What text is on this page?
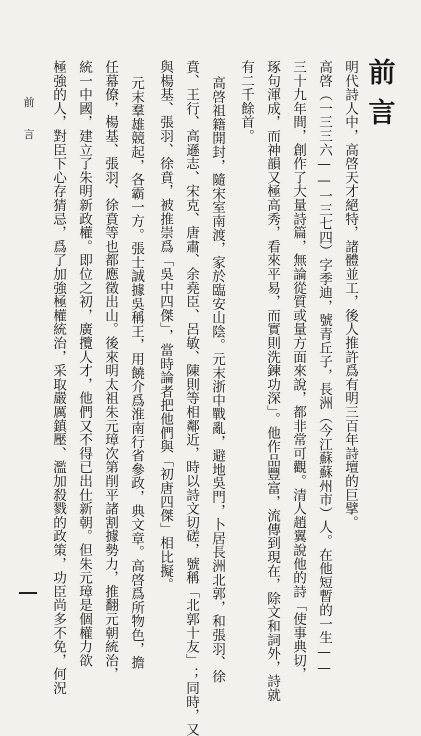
前
言
明代詩人中，高啓天才絕特，諸體並工，後人推許爲有明三百年詩壇的巨擘。
高啓（一三三六——一三七四）字季迪，號青丘子，長洲（今江蘇蘇州市）人。在他短暫的一生——
三十九年間，創作了大量詩篇，無論從質或量方面來說，都非常可觀。清人趙翼說他的詩「使事典切，
琢句渾成，而神韻又極高秀，看來平易，而實則洗鍊功深」。他作品豐富，流傳到現在，除文和詞外，詩就
有二千餘首。
高啓祖籍開封，隨宋室南渡，家於臨安山陰。元末浙中戰亂，避地吳門，卜居長洲北郭，和張羽、徐
賁、王行、高遜志、宋克、唐肅、余堯臣、呂敏、陳則等相鄰近，時以詩文切磋，號稱「北郭十友」；同時，又
與楊基、張羽、徐賁，被推崇爲「吳中四傑」，當時論者把他們與「初唐四傑」相比擬。
元末羣雄競起，各霸一方。張士誠據吳稱王，用饒介爲淮南行省參政，典文章。高啓爲所物色，擔
任幕僚，楊基、張羽、徐賁等也都應徵出山。後來明太祖朱元璋次第削平諸割據勢力，推翻元朝統治，
統一中國，建立了朱明新政權。即位之初，廣攬人才，他們又不得已出仕新朝。但朱元璋是個權力欲
極強的人，對臣下心存猜忌，爲了加強極權統治，采取嚴厲鎮壓、濫加殺戮的政策，功臣尚多不免，何況
前
言
